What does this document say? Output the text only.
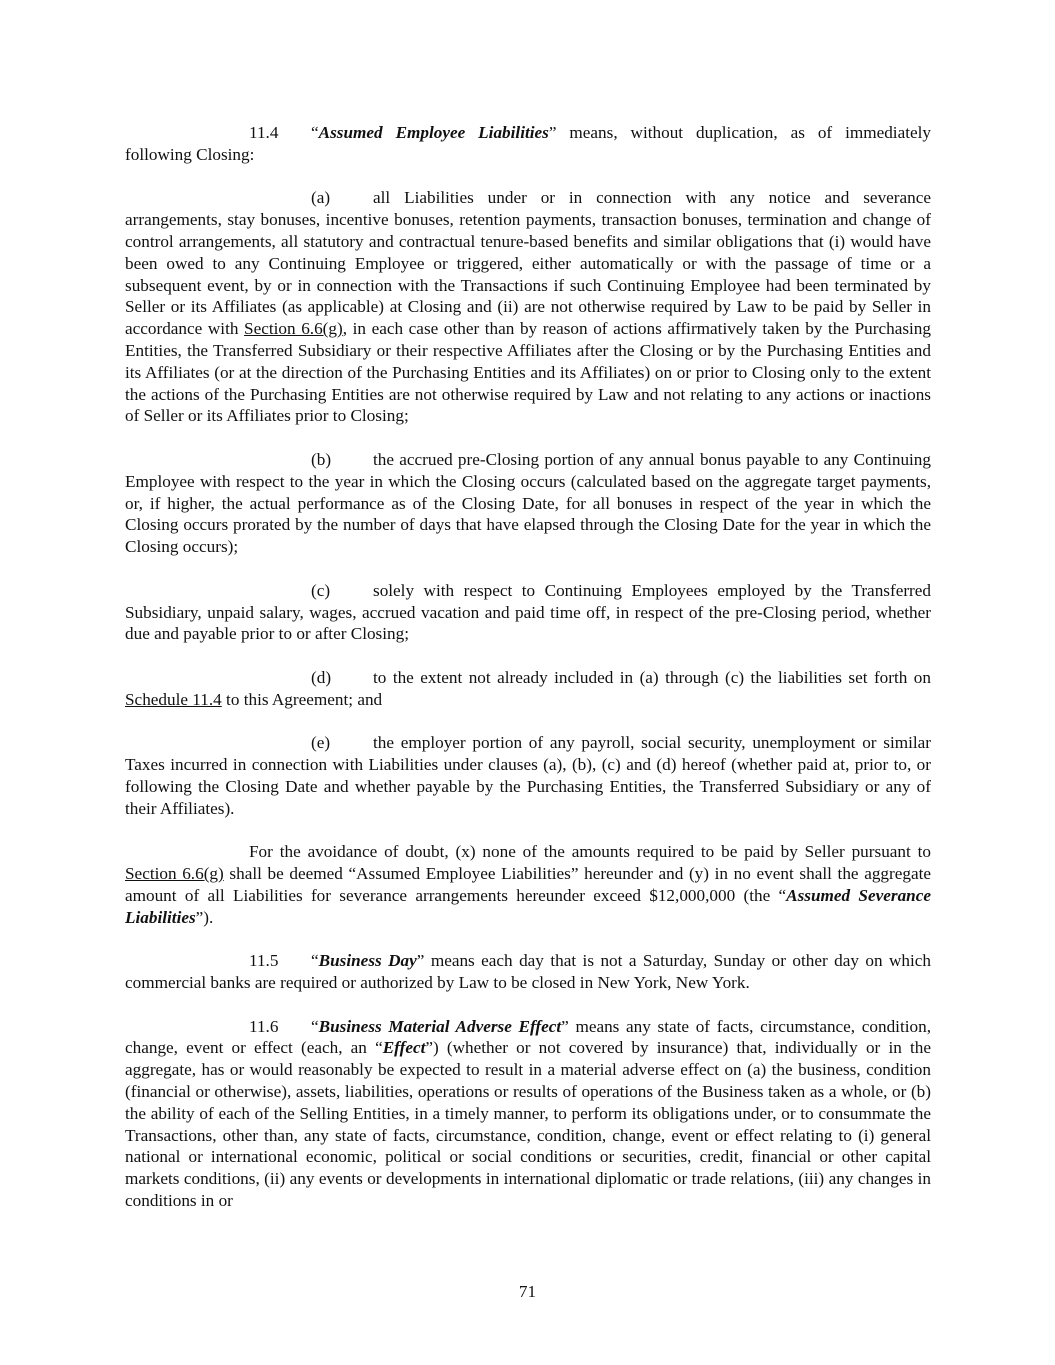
11.4 “Assumed Employee Liabilities” means, without duplication, as of immediately following Closing:

(a) all Liabilities under or in connection with any notice and severance arrangements, stay bonuses, incentive bonuses, retention payments, transaction bonuses, termination and change of control arrangements, all statutory and contractual tenure-based benefits and similar obligations that (i) would have been owed to any Continuing Employee or triggered, either automatically or with the passage of time or a subsequent event, by or in connection with the Transactions if such Continuing Employee had been terminated by Seller or its Affiliates (as applicable) at Closing and (ii) are not otherwise required by Law to be paid by Seller in accordance with Section 6.6(g), in each case other than by reason of actions affirmatively taken by the Purchasing Entities, the Transferred Subsidiary or their respective Affiliates after the Closing or by the Purchasing Entities and its Affiliates (or at the direction of the Purchasing Entities and its Affiliates) on or prior to Closing only to the extent the actions of the Purchasing Entities are not otherwise required by Law and not relating to any actions or inactions of Seller or its Affiliates prior to Closing;

(b) the accrued pre-Closing portion of any annual bonus payable to any Continuing Employee with respect to the year in which the Closing occurs (calculated based on the aggregate target payments, or, if higher, the actual performance as of the Closing Date, for all bonuses in respect of the year in which the Closing occurs prorated by the number of days that have elapsed through the Closing Date for the year in which the Closing occurs);

(c) solely with respect to Continuing Employees employed by the Transferred Subsidiary, unpaid salary, wages, accrued vacation and paid time off, in respect of the pre-Closing period, whether due and payable prior to or after Closing;

(d) to the extent not already included in (a) through (c) the liabilities set forth on Schedule 11.4 to this Agreement; and

(e) the employer portion of any payroll, social security, unemployment or similar Taxes incurred in connection with Liabilities under clauses (a), (b), (c) and (d) hereof (whether paid at, prior to, or following the Closing Date and whether payable by the Purchasing Entities, the Transferred Subsidiary or any of their Affiliates).

For the avoidance of doubt, (x) none of the amounts required to be paid by Seller pursuant to Section 6.6(g) shall be deemed “Assumed Employee Liabilities” hereunder and (y) in no event shall the aggregate amount of all Liabilities for severance arrangements hereunder exceed $12,000,000 (the “Assumed Severance Liabilities”).

11.5 “Business Day” means each day that is not a Saturday, Sunday or other day on which commercial banks are required or authorized by Law to be closed in New York, New York.

11.6 “Business Material Adverse Effect” means any state of facts, circumstance, condition, change, event or effect (each, an “Effect”) (whether or not covered by insurance) that, individually or in the aggregate, has or would reasonably be expected to result in a material adverse effect on (a) the business, condition (financial or otherwise), assets, liabilities, operations or results of operations of the Business taken as a whole, or (b) the ability of each of the Selling Entities, in a timely manner, to perform its obligations under, or to consummate the Transactions, other than, any state of facts, circumstance, condition, change, event or effect relating to (i) general national or international economic, political or social conditions or securities, credit, financial or other capital markets conditions, (ii) any events or developments in international diplomatic or trade relations, (iii) any changes in conditions in or

71
